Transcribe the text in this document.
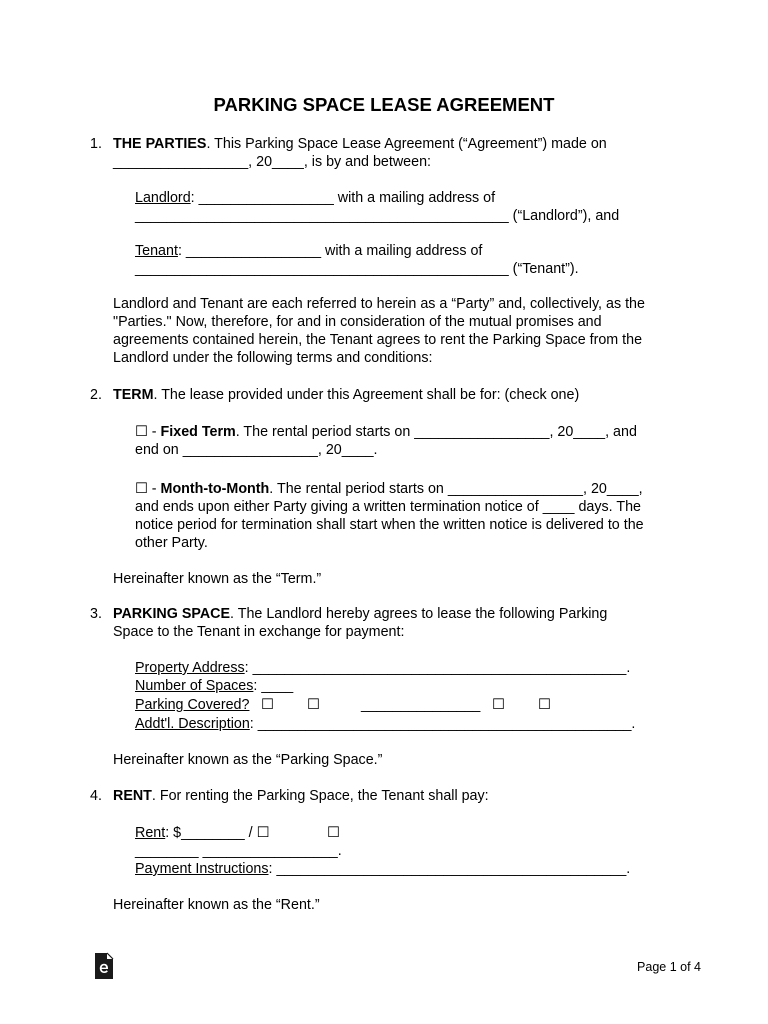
PARKING SPACE LEASE AGREEMENT
1. THE PARTIES. This Parking Space Lease Agreement (“Agreement”) made on
_________________, 20____, is by and between:
Landlord: _________________ with a mailing address of
_______________________________________________ (“Landlord”), and
Tenant: _________________ with a mailing address of
_______________________________________________ (“Tenant”).
Landlord and Tenant are each referred to herein as a “Party” and, collectively, as the
"Parties." Now, therefore, for and in consideration of the mutual promises and
agreements contained herein, the Tenant agrees to rent the Parking Space from the
Landlord under the following terms and conditions:
2. TERM. The lease provided under this Agreement shall be for: (check one)
☐ - Fixed Term. The rental period starts on _________________, 20____, and
end on _________________, 20____.
☐ - Month-to-Month. The rental period starts on _________________, 20____,
and ends upon either Party giving a written termination notice of ____ days. The
notice period for termination shall start when the written notice is delivered to the
other Party.
Hereinafter known as the “Term.”
3. PARKING SPACE. The Landlord hereby agrees to lease the following Parking
Space to the Tenant in exchange for payment:
Property Address: _______________________________________________.
Number of Spaces: ____
Parking Covered? ☐ ☐	_______________ ☐ ☐
Addt'l. Description: _______________________________________________.
Hereinafter known as the “Parking Space.”
4. RENT. For renting the Parking Space, the Tenant shall pay:
Rent: $________ / ☐	☐
________ _________________.
Payment Instructions: ____________________________________________.
Hereinafter known as the “Rent.”
Page 1 of 4
